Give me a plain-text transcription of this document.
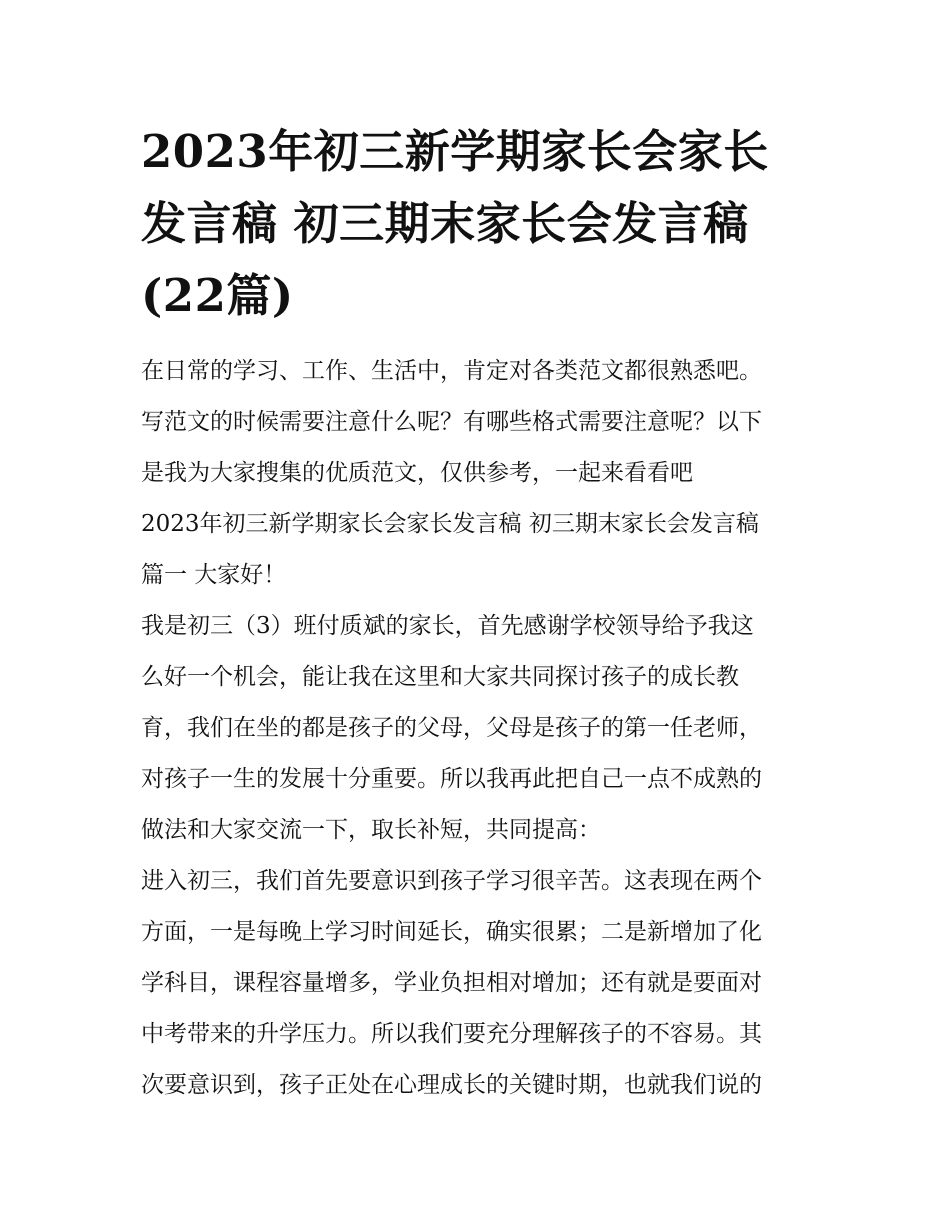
2023年初三新学期家长会家长
发言稿 初三期末家长会发言稿
(22篇)
在日常的学习、工作、生活中，肯定对各类范文都很熟悉吧。
写范文的时候需要注意什么呢？有哪些格式需要注意呢？以下
是我为大家搜集的优质范文，仅供参考，一起来看看吧
2023年初三新学期家长会家长发言稿 初三期末家长会发言稿
篇一 大家好！
我是初三（3）班付质斌的家长，首先感谢学校领导给予我这
么好一个机会，能让我在这里和大家共同探讨孩子的成长教
育，我们在坐的都是孩子的父母，父母是孩子的第一任老师，
对孩子一生的发展十分重要。所以我再此把自己一点不成熟的
做法和大家交流一下，取长补短，共同提高：
进入初三，我们首先要意识到孩子学习很辛苦。这表现在两个
方面，一是每晚上学习时间延长，确实很累；二是新增加了化
学科目，课程容量增多，学业负担相对增加；还有就是要面对
中考带来的升学压力。所以我们要充分理解孩子的不容易。其
次要意识到，孩子正处在心理成长的关键时期，也就我们说的
